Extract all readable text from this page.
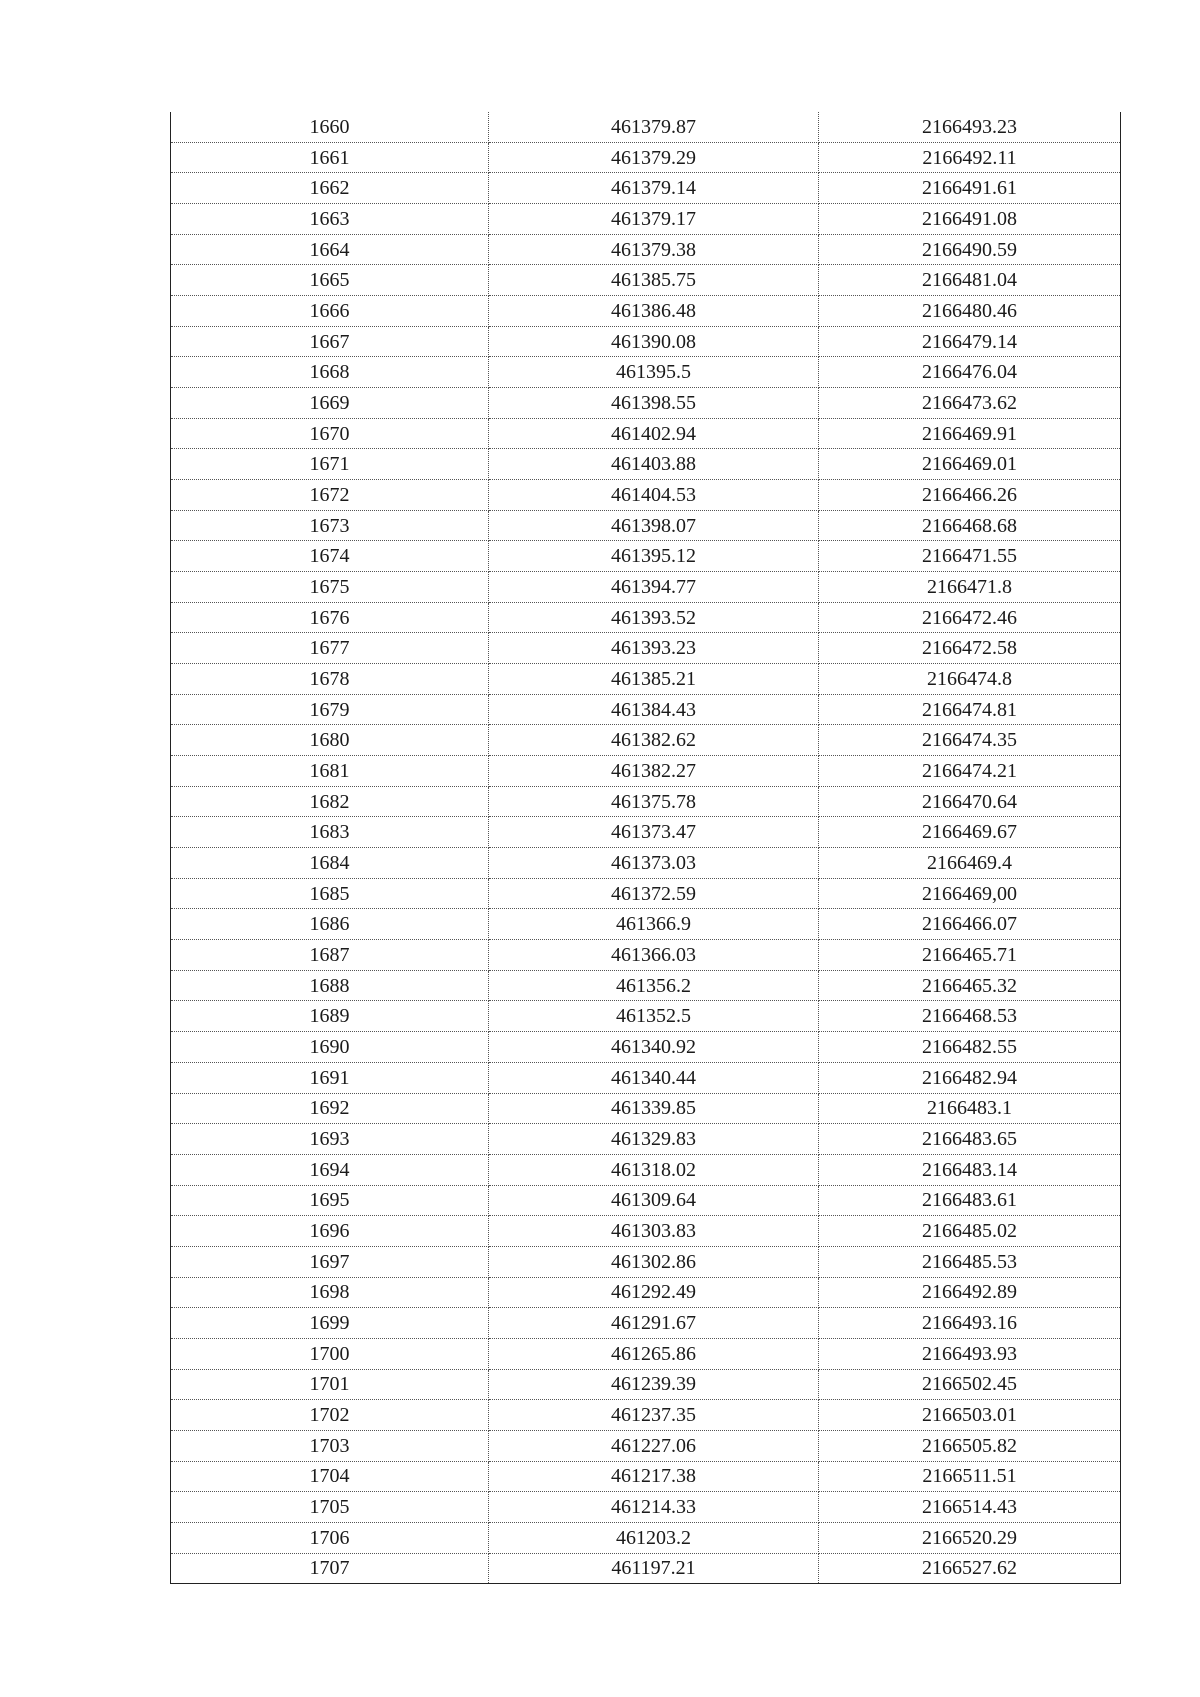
1660	461379.87	2166493.23
1661	461379.29	2166492.11
1662	461379.14	2166491.61
1663	461379.17	2166491.08
1664	461379.38	2166490.59
1665	461385.75	2166481.04
1666	461386.48	2166480.46
1667	461390.08	2166479.14
1668	461395.5	2166476.04
1669	461398.55	2166473.62
1670	461402.94	2166469.91
1671	461403.88	2166469.01
1672	461404.53	2166466.26
1673	461398.07	2166468.68
1674	461395.12	2166471.55
1675	461394.77	2166471.8
1676	461393.52	2166472.46
1677	461393.23	2166472.58
1678	461385.21	2166474.8
1679	461384.43	2166474.81
1680	461382.62	2166474.35
1681	461382.27	2166474.21
1682	461375.78	2166470.64
1683	461373.47	2166469.67
1684	461373.03	2166469.4
1685	461372.59	2166469,00
1686	461366.9	2166466.07
1687	461366.03	2166465.71
1688	461356.2	2166465.32
1689	461352.5	2166468.53
1690	461340.92	2166482.55
1691	461340.44	2166482.94
1692	461339.85	2166483.1
1693	461329.83	2166483.65
1694	461318.02	2166483.14
1695	461309.64	2166483.61
1696	461303.83	2166485.02
1697	461302.86	2166485.53
1698	461292.49	2166492.89
1699	461291.67	2166493.16
1700	461265.86	2166493.93
1701	461239.39	2166502.45
1702	461237.35	2166503.01
1703	461227.06	2166505.82
1704	461217.38	2166511.51
1705	461214.33	2166514.43
1706	461203.2	2166520.29
1707	461197.21	2166527.62
